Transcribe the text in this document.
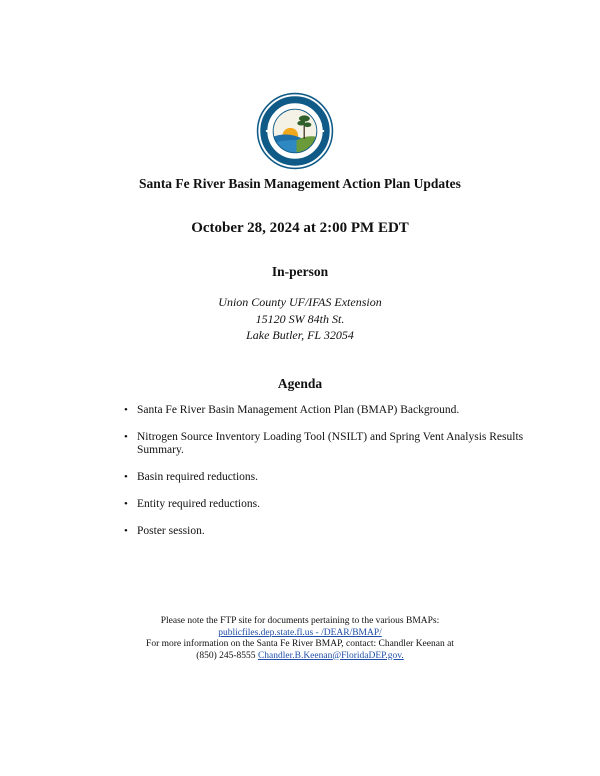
Santa Fe River Basin Management Action Plan Updates
October 28, 2024 at 2:00 PM EDT
In-person
Union County UF/IFAS Extension
15120 SW 84th St.
Lake Butler, FL 32054
Agenda
• Santa Fe River Basin Management Action Plan (BMAP) Background.
• Nitrogen Source Inventory Loading Tool (NSILT) and Spring Vent Analysis Results Summary.
• Basin required reductions.
• Entity required reductions.
• Poster session.
Please note the FTP site for documents pertaining to the various BMAPs:
publicfiles.dep.state.fl.us - /DEAR/BMAP/
For more information on the Santa Fe River BMAP, contact: Chandler Keenan at
(850) 245-8555 Chandler.B.Keenan@FloridaDEP.gov.
